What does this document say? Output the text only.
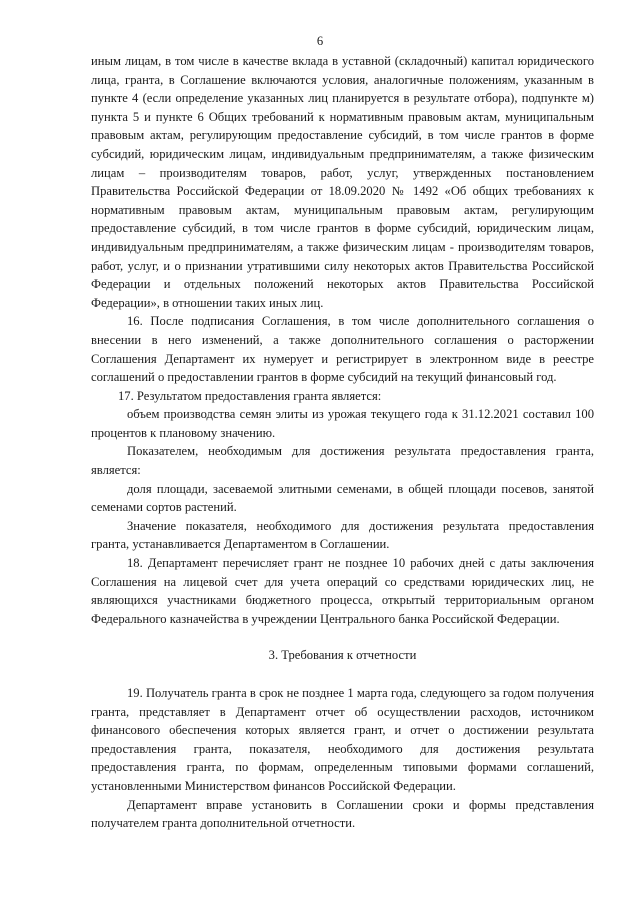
6

иным лицам, в том числе в качестве вклада в уставной (складочный) капитал юридического лица, гранта, в Соглашение включаются условия, аналогичные положениям, указанным в пункте 4 (если определение указанных лиц планируется в результате отбора), подпункте м) пункта 5 и пункте 6 Общих требований к нормативным правовым актам, муниципальным правовым актам, регулирующим предоставление субсидий, в том числе грантов в форме субсидий, юридическим лицам, индивидуальным предпринимателям, а также физическим лицам – производителям товаров, работ, услуг, утвержденных постановлением Правительства Российской Федерации от 18.09.2020 № 1492 «Об общих требованиях к нормативным правовым актам, муниципальным правовым актам, регулирующим предоставление субсидий, в том числе грантов в форме субсидий, юридическим лицам, индивидуальным предпринимателям, а также физическим лицам - производителям товаров, работ, услуг, и о признании утратившими силу некоторых актов Правительства Российской Федерации и отдельных положений некоторых актов Правительства Российской Федерации», в отношении таких иных лиц.

16. После подписания Соглашения, в том числе дополнительного соглашения о внесении в него изменений, а также дополнительного соглашения о расторжении Соглашения Департамент их нумерует и регистрирует в электронном виде в реестре соглашений о предоставлении грантов в форме субсидий на текущий финансовый год.

17. Результатом предоставления гранта является:

объем производства семян элиты из урожая текущего года к 31.12.2021 составил 100 процентов к плановому значению.

Показателем, необходимым для достижения результата предоставления гранта, является:

доля площади, засеваемой элитными семенами, в общей площади посевов, занятой семенами сортов растений.

Значение показателя, необходимого для достижения результата предоставления гранта, устанавливается Департаментом в Соглашении.

18. Департамент перечисляет грант не позднее 10 рабочих дней с даты заключения Соглашения на лицевой счет для учета операций со средствами юридических лиц, не являющихся участниками бюджетного процесса, открытый территориальным органом Федерального казначейства в учреждении Центрального банка Российской Федерации.

3. Требования к отчетности

19. Получатель гранта в срок не позднее 1 марта года, следующего за годом получения гранта, представляет в Департамент отчет об осуществлении расходов, источником финансового обеспечения которых является грант, и отчет о достижении результата предоставления гранта, показателя, необходимого для достижения результата предоставления гранта, по формам, определенным типовыми формами соглашений, установленными Министерством финансов Российской Федерации.

Департамент вправе установить в Соглашении сроки и формы представления получателем гранта дополнительной отчетности.
